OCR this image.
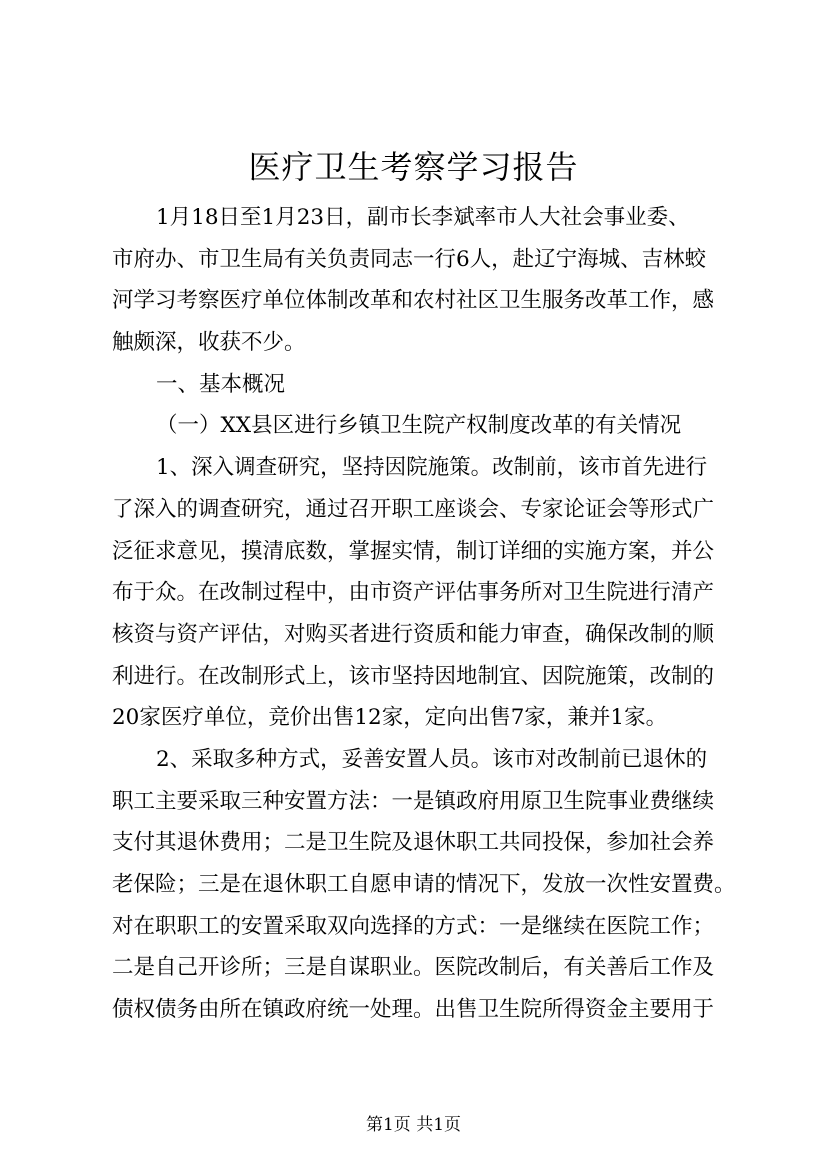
医疗卫生考察学习报告
1月18日至1月23日，副市长李斌率市人大社会事业委、
市府办、市卫生局有关负责同志一行6人，赴辽宁海城、吉林蛟
河学习考察医疗单位体制改革和农村社区卫生服务改革工作，感
触颇深，收获不少。
一、基本概况
（一）XX县区进行乡镇卫生院产权制度改革的有关情况
1、深入调查研究，坚持因院施策。改制前，该市首先进行
了深入的调查研究，通过召开职工座谈会、专家论证会等形式广
泛征求意见，摸清底数，掌握实情，制订详细的实施方案，并公
布于众。在改制过程中，由市资产评估事务所对卫生院进行清产
核资与资产评估，对购买者进行资质和能力审查，确保改制的顺
利进行。在改制形式上，该市坚持因地制宜、因院施策，改制的
20家医疗单位，竞价出售12家，定向出售7家，兼并1家。
2、采取多种方式，妥善安置人员。该市对改制前已退休的
职工主要采取三种安置方法：一是镇政府用原卫生院事业费继续
支付其退休费用；二是卫生院及退休职工共同投保，参加社会养
老保险；三是在退休职工自愿申请的情况下，发放一次性安置费。
对在职职工的安置采取双向选择的方式：一是继续在医院工作；
二是自己开诊所；三是自谋职业。医院改制后，有关善后工作及
债权债务由所在镇政府统一处理。出售卫生院所得资金主要用于
第1页 共1页
